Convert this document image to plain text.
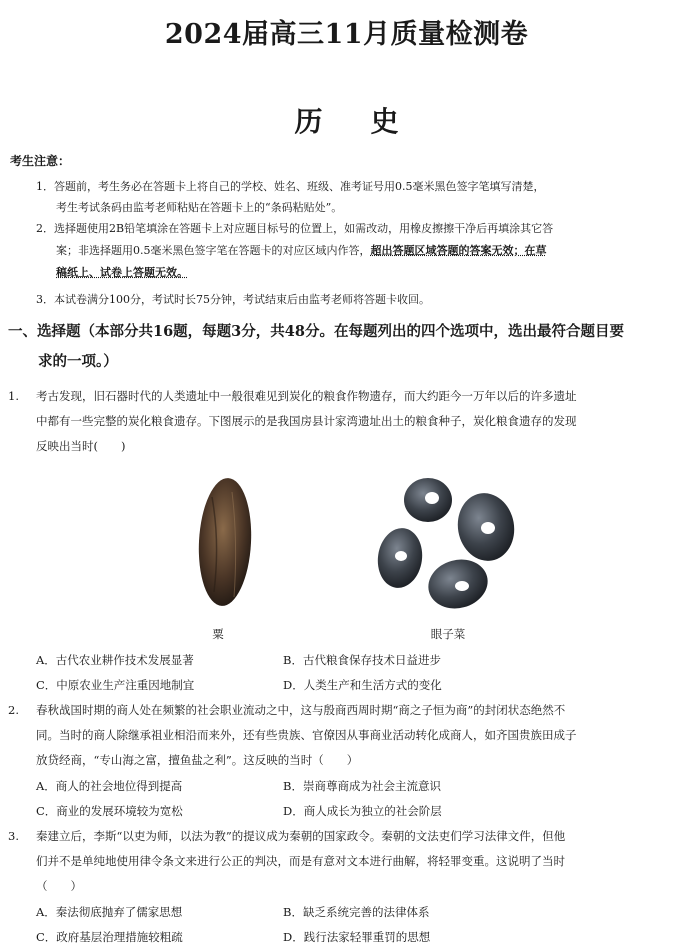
2024届高三11月质量检测卷
历 史
考生注意：
1．答题前，考生务必在答题卡上将自己的学校、姓名、班级、准考证号用0.5毫米黑色签字笔填写清楚，
考生考试条码由监考老师粘贴在答题卡上的“条码粘贴处”。
2．选择题使用2B铅笔填涂在答题卡上对应题目标号的位置上，如需改动，用橡皮擦擦干净后再填涂其它答
案；非选择题用0.5毫米黑色签字笔在答题卡的对应区域内作答，超出答题区域答题的答案无效；在草
稿纸上、试卷上答题无效。
3．本试卷满分100分，考试时长75分钟，考试结束后由监考老师将答题卡收回。
一、选择题（本部分共16题，每题3分，共48分。在每题列出的四个选项中，选出最符合题目要
求的一项。）
1. 考古发现，旧石器时代的人类遗址中一般很难见到炭化的粮食作物遗存，而大约距今一万年以后的许多遗址
中都有一些完整的炭化粮食遗存。下图展示的是我国房县计家湾遗址出土的粮食种子，炭化粮食遗存的发现
反映出当时(　　)
粟	眼子菜
A．古代农业耕作技术发展显著	B．古代粮食保存技术日益进步
C．中原农业生产注重因地制宜	D．人类生产和生活方式的变化
2. 春秋战国时期的商人处在频繁的社会职业流动之中，这与殷商西周时期“商之子恒为商”的封闭状态绝然不
同。当时的商人除继承祖业相沿而来外，还有些贵族、官僚因从事商业活动转化成商人，如齐国贵族田成子
放贷经商，“专山海之富，擅鱼盐之利”。这反映的当时（　　）
A．商人的社会地位得到提高	B．崇商尊商成为社会主流意识
C．商业的发展环境较为宽松	D．商人成长为独立的社会阶层
3. 秦建立后，李斯“以吏为师，以法为教”的提议成为秦朝的国家政令。秦朝的文法吏们学习法律文件，但他
们并不是单纯地使用律令条文来进行公正的判决，而是有意对文本进行曲解，将轻罪变重。这说明了当时
（　　）
A．秦法彻底抛弃了儒家思想	B．缺乏系统完善的法律体系
C．政府基层治理措施较粗疏	D．践行法家轻罪重罚的思想
